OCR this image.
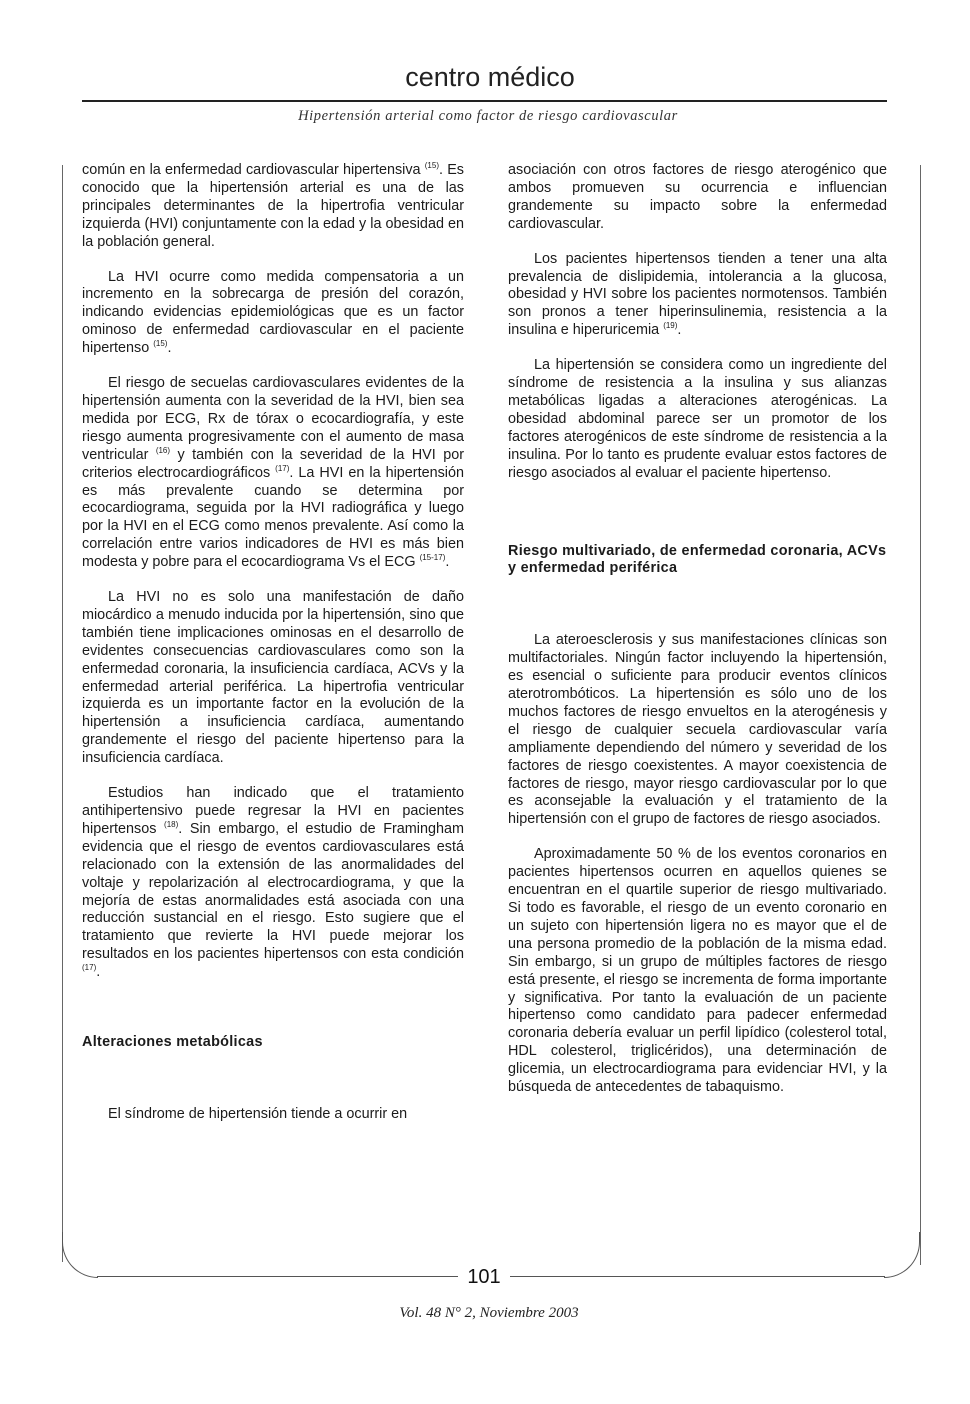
centro médico
Hipertensión arterial como factor de riesgo cardiovascular

común en la enfermedad cardiovascular hipertensiva $^{(15)}$. Es conocido que la hipertensión arterial es una de las principales determinantes de la hipertrofia ventricular izquierda (HVI) conjuntamente con la edad y la obesidad en la población general.

La HVI ocurre como medida compensatoria a un incremento en la sobrecarga de presión del corazón, indicando evidencias epidemiológicas que es un factor ominoso de enfermedad cardiovascular en el paciente hipertenso $^{(15)}$.

El riesgo de secuelas cardiovasculares evidentes de la hipertensión aumenta con la severidad de la HVI, bien sea medida por ECG, Rx de tórax o ecocardiografía, y este riesgo aumenta progresivamente con el aumento de masa ventricular $^{(16)}$ y también con la severidad de la HVI por criterios electrocardiográficos $^{(17)}$. La HVI en la hipertensión es más prevalente cuando se determina por ecocardiograma, seguida por la HVI radiográfica y luego por la HVI en el ECG como menos prevalente. Así como la correlación entre varios indicadores de HVI es más bien modesta y pobre para el ecocardiograma Vs el ECG $^{(15-17)}$.

La HVI no es solo una manifestación de daño miocárdico a menudo inducida por la hipertensión, sino que también tiene implicaciones ominosas en el desarrollo de evidentes consecuencias cardiovasculares como son la enfermedad coronaria, la insuficiencia cardíaca, ACVs y la enfermedad arterial periférica. La hipertrofia ventricular izquierda es un importante factor en la evolución de la hipertensión a insuficiencia cardíaca, aumentando grandemente el riesgo del paciente hipertenso para la insuficiencia cardíaca.

Estudios han indicado que el tratamiento antihipertensivo puede regresar la HVI en pacientes hipertensos $^{(18)}$. Sin embargo, el estudio de Framingham evidencia que el riesgo de eventos cardiovasculares está relacionado con la extensión de las anormalidades del voltaje y repolarización al electrocardiograma, y que la mejoría de estas anormalidades está asociada con una reducción sustancial en el riesgo. Esto sugiere que el tratamiento que revierte la HVI puede mejorar los resultados en los pacientes hipertensos con esta condición $^{(17)}$.

Alteraciones metabólicas

El síndrome de hipertensión tiende a ocurrir en

asociación con otros factores de riesgo aterogénico que ambos promueven su ocurrencia e influencian grandemente su impacto sobre la enfermedad cardiovascular.

Los pacientes hipertensos tienden a tener una alta prevalencia de dislipidemia, intolerancia a la glucosa, obesidad y HVI sobre los pacientes normotensos. También son pronos a tener hiperinsulinemia, resistencia a la insulina e hiperuricemia $^{(19)}$.

La hipertensión se considera como un ingrediente del síndrome de resistencia a la insulina y sus alianzas metabólicas ligadas a alteraciones aterogénicas. La obesidad abdominal parece ser un promotor de los factores aterogénicos de este síndrome de resistencia a la insulina. Por lo tanto es prudente evaluar estos factores de riesgo asociados al evaluar el paciente hipertenso.

Riesgo multivariado, de enfermedad coronaria, ACVs y enfermedad periférica

La ateroesclerosis y sus manifestaciones clínicas son multifactoriales. Ningún factor incluyendo la hipertensión, es esencial o suficiente para producir eventos clínicos aterotrombóticos. La hipertensión es sólo uno de los muchos factores de riesgo envueltos en la aterogénesis y el riesgo de cualquier secuela cardiovascular varía ampliamente dependiendo del número y severidad de los factores de riesgo coexistentes. A mayor coexistencia de factores de riesgo, mayor riesgo cardiovascular por lo que es aconsejable la evaluación y el tratamiento de la hipertensión con el grupo de factores de riesgo asociados.

Aproximadamente 50 % de los eventos coronarios en pacientes hipertensos ocurren en aquellos quienes se encuentran en el quartile superior de riesgo multivariado. Si todo es favorable, el riesgo de un evento coronario en un sujeto con hipertensión ligera no es mayor que el de una persona promedio de la población de la misma edad. Sin embargo, si un grupo de múltiples factores de riesgo está presente, el riesgo se incrementa de forma importante y significativa. Por tanto la evaluación de un paciente hipertenso como candidato para padecer enfermedad coronaria debería evaluar un perfil lipídico (colesterol total, HDL colesterol, triglicéridos), una determinación de glicemia, un electrocardiograma para evidenciar HVI, y la búsqueda de antecedentes de tabaquismo.

101
Vol. 48 N° 2, Noviembre 2003
